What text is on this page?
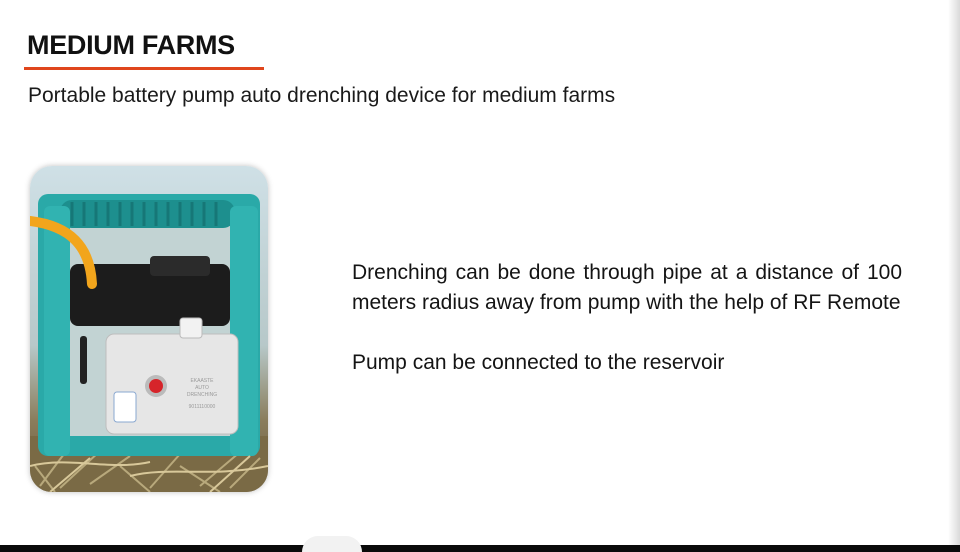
MEDIUM FARMS

Portable battery pump auto drenching device for medium farms

EKAASTE
AUTO
DRENCHING
9011110000

Drenching can be done through pipe at a distance of 100 meters radius away from pump with the help of RF Remote

Pump can be connected to the reservoir
